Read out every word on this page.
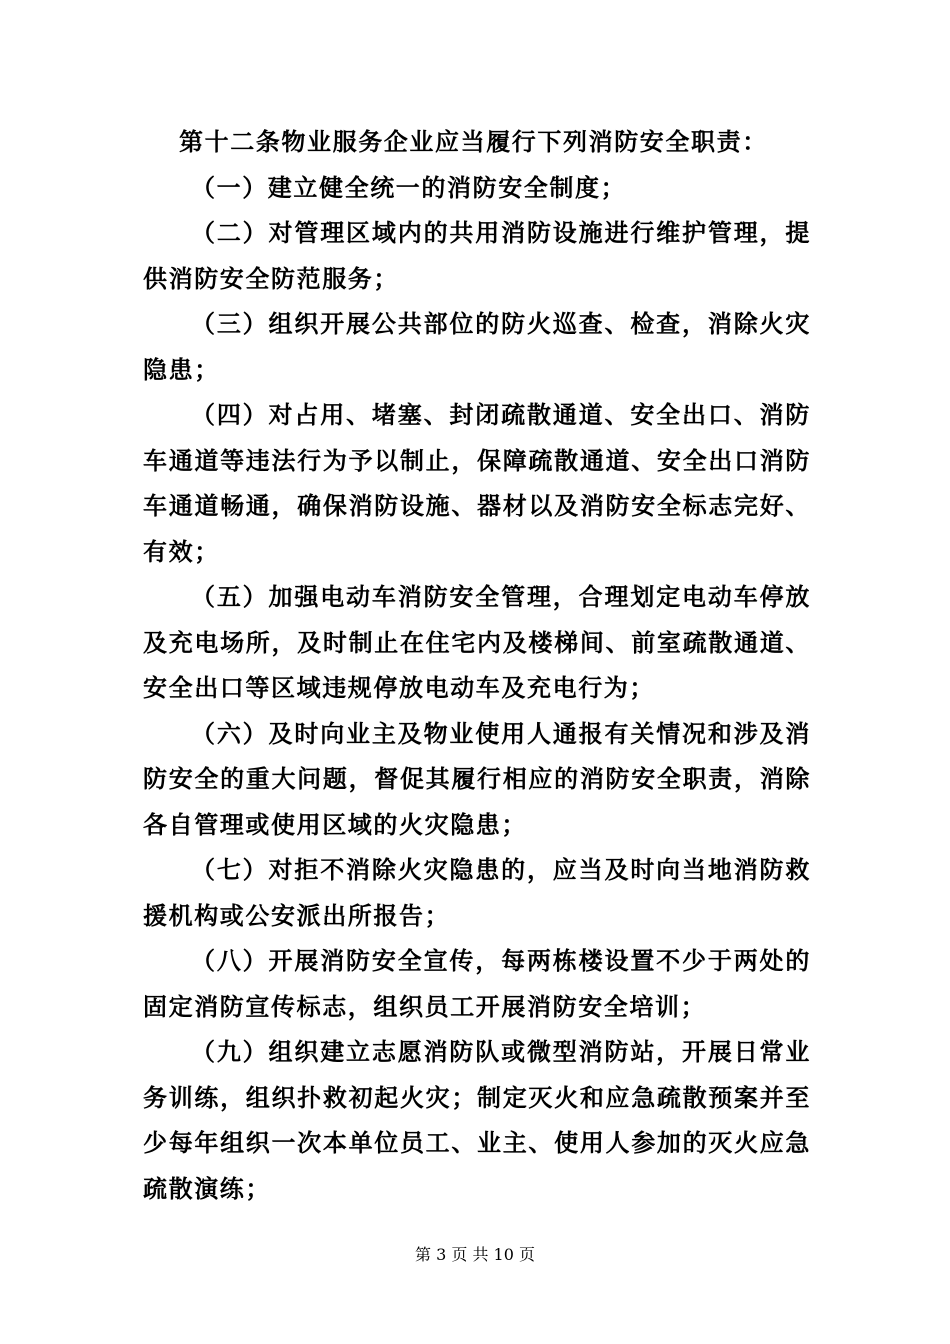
第十二条物业服务企业应当履行下列消防安全职责：

（一）建立健全统一的消防安全制度；

（二）对管理区域内的共用消防设施进行维护管理，提供消防安全防范服务；

（三）组织开展公共部位的防火巡查、检查，消除火灾隐患；

（四）对占用、堵塞、封闭疏散通道、安全出口、消防车通道等违法行为予以制止，保障疏散通道、安全出口消防车通道畅通，确保消防设施、器材以及消防安全标志完好、有效；

（五）加强电动车消防安全管理，合理划定电动车停放及充电场所，及时制止在住宅内及楼梯间、前室疏散通道、安全出口等区域违规停放电动车及充电行为；

（六）及时向业主及物业使用人通报有关情况和涉及消防安全的重大问题，督促其履行相应的消防安全职责，消除各自管理或使用区域的火灾隐患；

（七）对拒不消除火灾隐患的，应当及时向当地消防救援机构或公安派出所报告；

（八）开展消防安全宣传，每两栋楼设置不少于两处的固定消防宣传标志，组织员工开展消防安全培训；

（九）组织建立志愿消防队或微型消防站，开展日常业务训练，组织扑救初起火灾；制定灭火和应急疏散预案并至少每年组织一次本单位员工、业主、使用人参加的灭火应急疏散演练；

第 3 页 共 10 页
